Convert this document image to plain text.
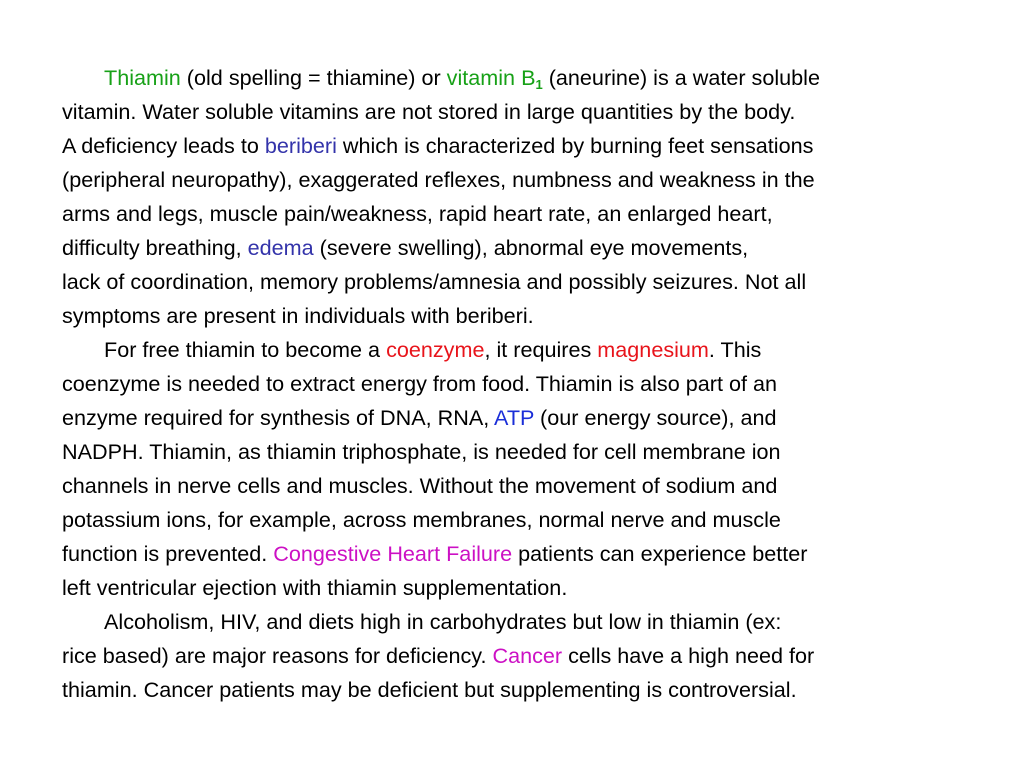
Thiamin (old spelling = thiamine) or vitamin $B_1$ (aneurine) is a water soluble
vitamin. Water soluble vitamins are not stored in large quantities by the body.
A deficiency leads to beriberi which is characterized by burning feet sensations
(peripheral neuropathy), exaggerated reflexes, numbness and weakness in the
arms and legs, muscle pain/weakness, rapid heart rate, an enlarged heart,
difficulty breathing, edema (severe swelling), abnormal eye movements,
lack of coordination, memory problems/amnesia and possibly seizures. Not all
symptoms are present in individuals with beriberi.
For free thiamin to become a coenzyme, it requires magnesium. This
coenzyme is needed to extract energy from food. Thiamin is also part of an
enzyme required for synthesis of DNA, RNA, ATP (our energy source), and
NADPH. Thiamin, as thiamin triphosphate, is needed for cell membrane ion
channels in nerve cells and muscles. Without the movement of sodium and
potassium ions, for example, across membranes, normal nerve and muscle
function is prevented. Congestive Heart Failure patients can experience better
left ventricular ejection with thiamin supplementation.
Alcoholism, HIV, and diets high in carbohydrates but low in thiamin (ex:
rice based) are major reasons for deficiency. Cancer cells have a high need for
thiamin. Cancer patients may be deficient but supplementing is controversial.
